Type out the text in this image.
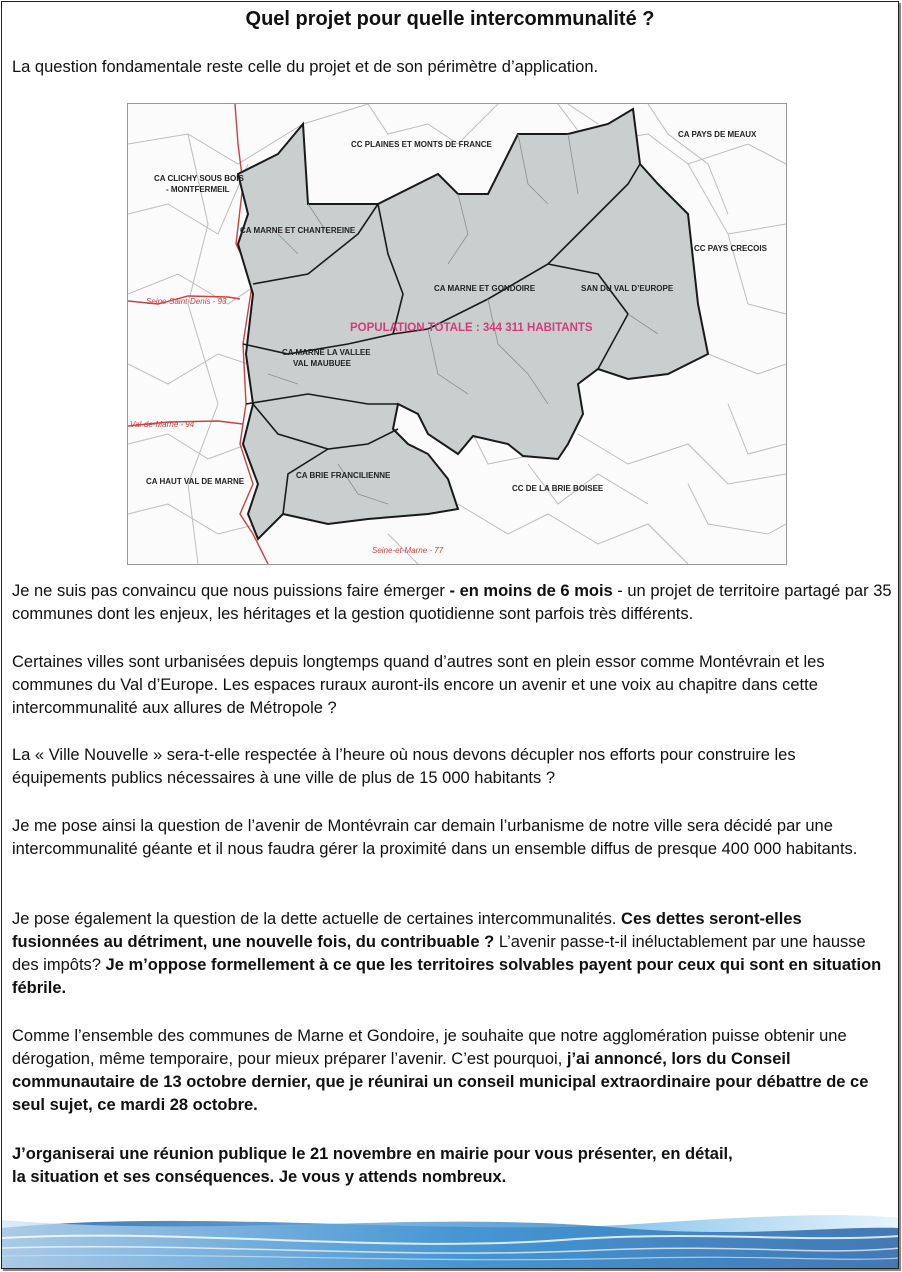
Quel projet pour quelle intercommunalité ?
La question fondamentale reste celle du projet et de son périmètre d’application.
CC PLAINES ET MONTS DE FRANCE
CA PAYS DE MEAUX
CA CLICHY SOUS BOIS
- MONTFERMEIL
CA MARNE ET CHANTEREINE
CC PAYS CRECOIS
CA MARNE ET GONDOIRE	SAN DU VAL D’EUROPE
CA MARNE LA VALLEE
VAL MAUBUEE
CA HAUT VAL DE MARNE
CA BRIE FRANCILIENNE
CC DE LA BRIE BOISEE
Seine-Saint-Denis - 93
Val-de-Marne - 94
Seine-et-Marne - 77
POPULATION TOTALE : 344 311 HABITANTS

Je ne suis pas convaincu que nous puissions faire émerger - en moins de 6 mois - un projet de territoire partagé par 35 communes dont les enjeux, les héritages et la gestion quotidienne sont parfois très différents.

Certaines villes sont urbanisées depuis longtemps quand d’autres sont en plein essor comme Montévrain et les communes du Val d’Europe. Les espaces ruraux auront-ils encore un avenir et une voix au chapitre dans cette intercommunalité aux allures de Métropole ?

La « Ville Nouvelle » sera-t-elle respectée à l’heure où nous devons décupler nos efforts pour construire les équipements publics nécessaires à une ville de plus de 15 000 habitants ?

Je me pose ainsi la question de l’avenir de Montévrain car demain l’urbanisme de notre ville sera décidé par une intercommunalité géante et il nous faudra gérer la proximité dans un ensemble diffus de presque 400 000 habitants.

Je pose également la question de la dette actuelle de certaines intercommunalités. Ces dettes seront-elles fusionnées au détriment, une nouvelle fois, du contribuable ? L’avenir passe-t-il inéluctablement par une hausse des impôts? Je m’oppose formellement à ce que les territoires solvables payent pour ceux qui sont en situation fébrile.

Comme l’ensemble des communes de Marne et Gondoire, je souhaite que notre agglomération puisse obtenir une dérogation, même temporaire, pour mieux préparer l’avenir. C’est pourquoi, j’ai annoncé, lors du Conseil communautaire de 13 octobre dernier, que je réunirai un conseil municipal extraordinaire pour débattre de ce seul sujet, ce mardi 28 octobre.

J’organiserai une réunion publique le 21 novembre en mairie pour vous présenter, en détail,
la situation et ses conséquences. Je vous y attends nombreux.
